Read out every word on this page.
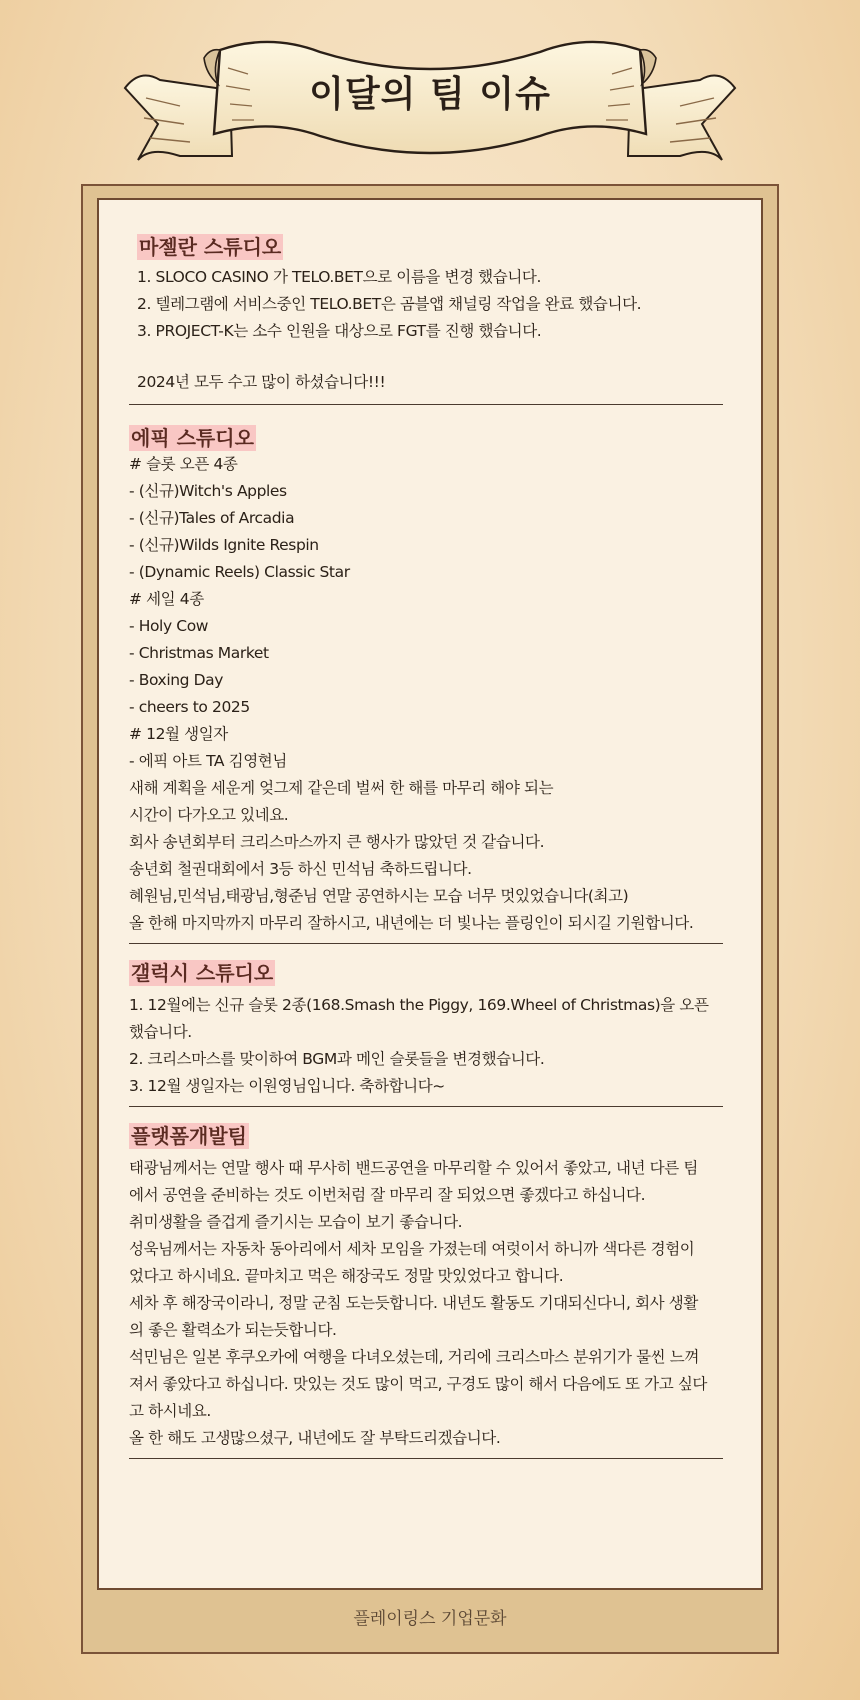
이달의 팀 이슈
마젤란 스튜디오
1. SLOCO CASINO 가 TELO.BET으로 이름을 변경 했습니다.
2. 텔레그램에 서비스중인 TELO.BET은 곰블앱 채널링 작업을 완료 했습니다.
3. PROJECT-K는 소수 인원을 대상으로 FGT를 진행 했습니다.
2024년 모두 수고 많이 하셨습니다!!!
에픽 스튜디오
# 슬롯 오픈 4종
- (신규)Witch's Apples
- (신규)Tales of Arcadia
- (신규)Wilds Ignite Respin
- (Dynamic Reels) Classic Star
# 세일 4종
- Holy Cow
- Christmas Market
- Boxing Day
- cheers to 2025
# 12월 생일자
- 에픽 아트 TA 김영현님
새해 계획을 세운게 엊그제 같은데 벌써 한 해를 마무리 해야 되는
시간이 다가오고 있네요.
회사 송년회부터 크리스마스까지 큰 행사가 많았던 것 같습니다.
송년회 철권대회에서 3등 하신 민석님 축하드립니다.
혜원님,민석님,태광님,형준님 연말 공연하시는 모습 너무 멋있었습니다(최고)
올 한해 마지막까지 마무리 잘하시고, 내년에는 더 빛나는 플링인이 되시길 기원합니다.
갤럭시 스튜디오
1. 12월에는 신규 슬롯 2종(168.Smash the Piggy, 169.Wheel of Christmas)을 오픈
했습니다.
2. 크리스마스를 맞이하여 BGM과 메인 슬롯들을 변경했습니다.
3. 12월 생일자는 이원영님입니다. 축하합니다~
플랫폼개발팀
태광님께서는 연말 행사 때 무사히 밴드공연을 마무리할 수 있어서 좋았고, 내년 다른 팀
에서 공연을 준비하는 것도 이번처럼 잘 마무리 잘 되었으면 좋겠다고 하십니다.
취미생활을 즐겁게 즐기시는 모습이 보기 좋습니다.
성욱님께서는 자동차 동아리에서 세차 모임을 가졌는데 여럿이서 하니까 색다른 경험이
었다고 하시네요. 끝마치고 먹은 해장국도 정말 맛있었다고 합니다.
세차 후 해장국이라니, 정말 군침 도는듯합니다. 내년도 활동도 기대되신다니, 회사 생활
의 좋은 활력소가 되는듯합니다.
석민님은 일본 후쿠오카에 여행을 다녀오셨는데, 거리에 크리스마스 분위기가 물씬 느껴
져서 좋았다고 하십니다. 맛있는 것도 많이 먹고, 구경도 많이 해서 다음에도 또 가고 싶다
고 하시네요.
올 한 해도 고생많으셨구, 내년에도 잘 부탁드리겠습니다.
플레이링스 기업문화
